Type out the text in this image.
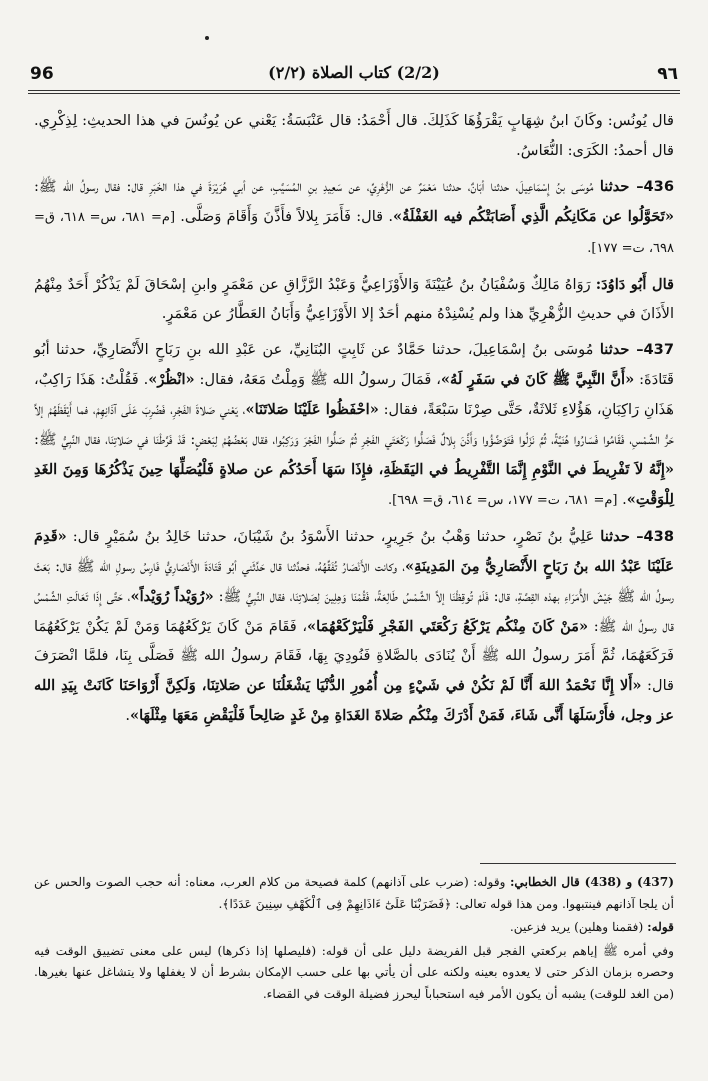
96	(2/2) كتاب الصلاة (٢/٢)	٩٦

قال يُونُس: وكَانَ ابنُ شِهَابٍ يَقْرَؤُهَا كَذَلِكَ. قال أَحْمَدُ: قال عَنْبَسَةُ: يَعْني عن يُونُسَ في هذا الحديثِ: لِذِكْرِي. قال أحمدُ: الكَرَى: النُّعَاسُ.

436– حدثنا مُوسَى بنُ إِسْمَاعِيلَ، حدثنا أبَانٌ، حدثنا مَعْمَرٌ عن الزُّهْرِيِّ، عن سَعِيدِ بنِ المُسَيَّبِ، عن أبي هُرَيْرَةَ في هذا الخَبَرِ قال: فقال رسولُ الله ﷺ: «تَحَوَّلُوا عن مَكَانِكُم الَّذِي أَصَابَتْكُم فيه الغَفْلَةُ». قال: فَأَمَرَ بِلالاً فأَذَّنَ وَأَقَامَ وَصَلَّى. [م= ٦٨١، س= ٦١٨، ق= ٦٩٨، ت= ١٧٧].

قال أَبُو دَاوُدَ: رَوَاهُ مَالِكٌ وَسُفْيَانُ بنُ عُيَيْنَةَ وَالأَوْزَاعِيُّ وَعَبْدُ الرَّزَّاقِ عن مَعْمَرٍ وابنِ إسْحَاقَ لَمْ يَذْكُرْ أَحَدٌ مِنْهُمُ الأَذَانَ في حديثِ الزُّهْرِيِّ هذا ولم يُسْنِدْهُ منهم أحَدٌ إلا الأَوْزَاعِيُّ وَأَبَانُ العَطَّارُ عن مَعْمَرٍ.

437– حدثنا مُوسَى بنُ إسْمَاعِيلَ، حدثنا حَمَّادٌ عن ثَابِتٍ البُنَانِيِّ، عن عَبْدِ الله بنِ رَبَاحٍ الأَنْصَارِيِّ، حدثنا أبُو قَتَادَةَ: «أَنَّ النَّبِيَّ ﷺ كَانَ في سَفَرٍ لَهُ»، فَمَالَ رسولُ الله ﷺ وَمِلْتُ مَعَهُ، فقال: «انْظُرْ». فَقُلْتُ: هَذَا رَاكِبٌ، هَذَانِ رَاكِبَانِ، هَؤُلاءِ ثَلاثَةٌ، حَتَّى صِرْنَا سَبْعَةً، فقال: «احْفَظُوا عَلَيْنَا صَلاتَنَا»، يَعْني صَلاةَ الفَجْرِ، فَضُرِبَ عَلَى آذَانِهِمْ، فما أَيْقَظَهُمْ إلاَّ حَرُّ الشَّمْسِ، فَقَامُوا فَسَارُوا هُنَيَّةً، ثُمَّ نَزَلُوا فَتَوَضَّؤُوا وَأَذَّنَ بِلالٌ فَصَلُّوا رَكْعَتَي الفَجْرِ ثُمَّ صَلُّوا الفَجْرَ وَرَكِبُوا، فقال بَعْضُهُمْ لِبَعْضٍ: قَدْ فَرَّطْنَا في صَلاتِنَا، فقال النَّبِيُّ ﷺ: «إِنَّهُ لاَ تَفْرِيطَ في النَّوْمِ إِنَّمَا التَّفْرِيطُ في اليَقَظَةِ، فإِذَا سَهَا أَحَدُكُم عن صلاةٍ فَلْيُصَلِّهَا حِينَ يَذْكُرُهَا وَمِنَ الغَدِ لِلْوَقْتِ». [م= ٦٨١، ت= ١٧٧، س= ٦١٤، ق= ٦٩٨].

438– حدثنا عَلِيُّ بنُ نَصْرٍ، حدثنا وَهْبُ بنُ جَرِيرٍ، حدثنا الأَسْوَدُ بنُ شَيْبَانَ، حدثنا خَالِدُ بنُ سُمَيْرٍ قال: «قَدِمَ عَلَيْنَا عَبْدُ الله بنُ رَبَاحٍ الأَنْصَارِيُّ مِنَ المَدِينَةِ»، وكانت الأَنْصَارُ تُفَقِّهُهُ، فحدَّثنا قال حَدَّثَني أبُو قَتَادَةَ الأَنْصَارِيُّ فَارِسُ رسولِ الله ﷺ قال: بَعَثَ رسولُ الله ﷺ جَيْشَ الأُمَرَاءِ بهذه القِصَّةِ، قال: فَلَمْ تُوقِظْنَا إلاَّ الشَّمْسُ طَالِعَةً، فَقُمْنَا وَهِلِينَ لِصَلاتِنَا، فقال النَّبِيُّ ﷺ: «رُوَيْداً رُوَيْداً»، حَتَّى إِذَا تَعَالَتِ الشَّمْسُ قال رسولُ الله ﷺ: «مَنْ كَانَ مِنْكُم يَرْكَعُ رَكْعَتَي الفَجْرِ فَلْيَرْكَعْهُمَا»، فَقَامَ مَنْ كَانَ يَرْكَعُهُمَا وَمَنْ لَمْ يَكُنْ يَرْكَعُهُمَا فَرَكَعَهُمَا، ثُمَّ أَمَرَ رسولُ الله ﷺ أَنْ يُنَادَى بالصَّلاةِ فَنُودِيَ بِهَا، فَقَامَ رسولُ الله ﷺ فَصَلَّى بِنَا، فلمَّا انْصَرَفَ قال: «أَلا إِنَّا نَحْمَدُ اللهَ أَنَّا لَمْ نَكُنْ في شَيْءٍ مِن أُمُورِ الدُّنْيَا يَشْغَلُنَا عن صَلاتِنَا، وَلَكِنَّ أَرْوَاحَنَا كَانَتْ بِيَدِ الله عز وجل، فأَرْسَلَهَا أَنَّى شَاءَ، فَمَنْ أَدْرَكَ مِنْكُم صَلاةَ الغَدَاةِ مِنْ غَدٍ صَالِحاً فَلْيَقْضِ مَعَهَا مِثْلَهَا».

(437) و (438) قال الخطابي: وقوله: (ضرب على آذانهم) كلمة فصيحة من كلام العرب، معناه: أنه حجب الصوت والحس عن أن يلجا آذانهم فينتبهوا. ومن هذا قوله تعالى: ﴿فَضَرَبْنَا عَلَىٰٓ ءَاذَانِهِمْ فِى ٱلْكَهْفِ سِنِينَ عَدَدًا﴾.

قوله: (فقمنا وهلين) يريد فزعين.

وفي أمره ﷺ إياهم بركعتي الفجر قبل الفريضة دليل على أن قوله: (فليصلها إذا ذكرها) ليس على معنى تضييق الوقت فيه وحصره بزمان الذكر حتى لا يعدوه بعينه ولكنه على أن يأتي بها على حسب الإمكان بشرط أن لا يغفلها ولا يتشاغل عنها بغيرها. (من الغد للوقت) يشبه أن يكون الأمر فيه استحباباً ليحرز فضيلة الوقت في القضاء.
